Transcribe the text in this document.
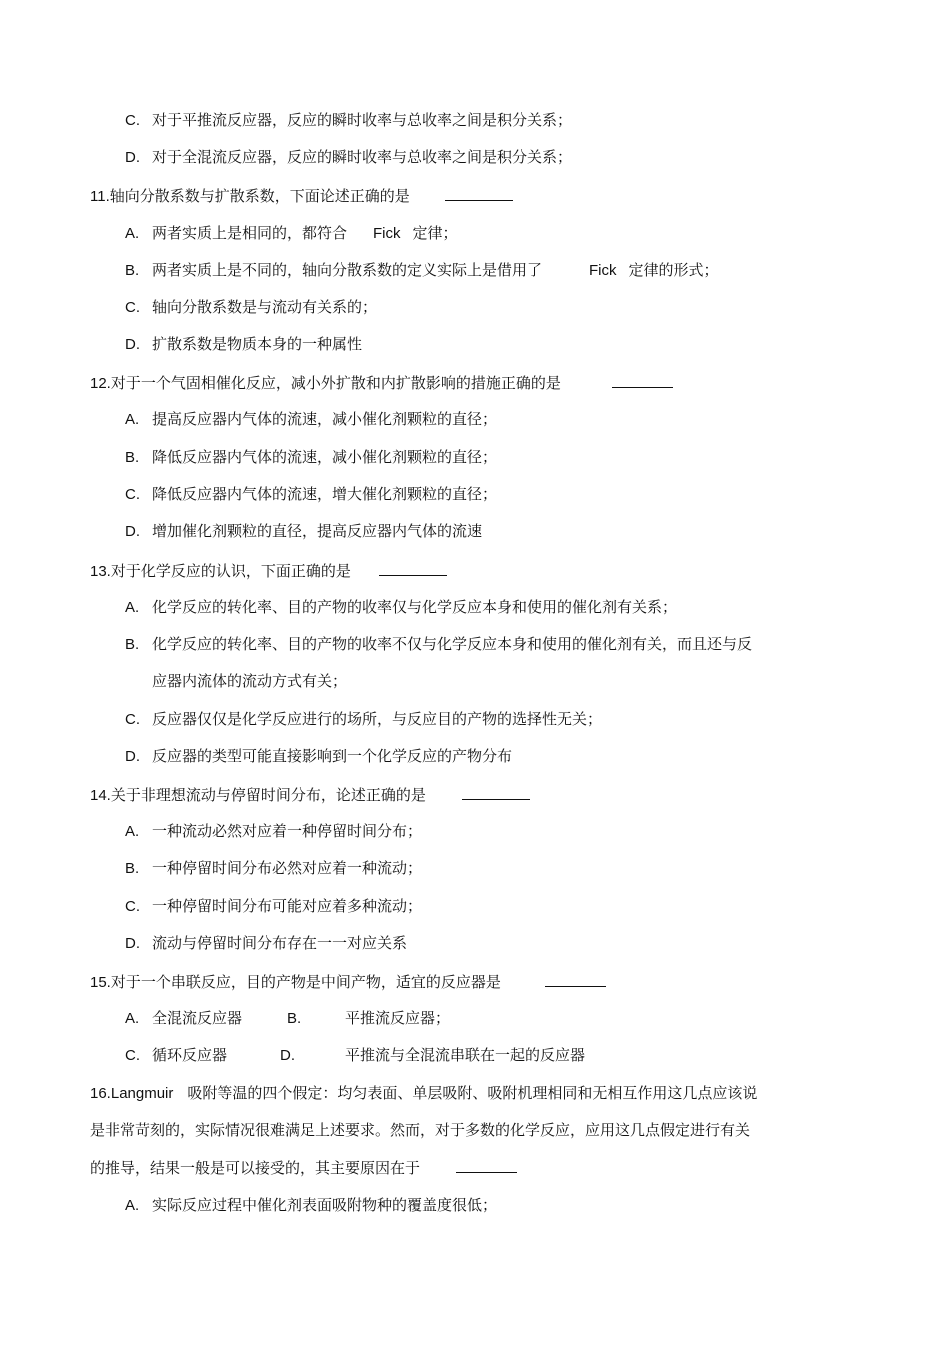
C. 对于平推流反应器，反应的瞬时收率与总收率之间是积分关系；
D. 对于全混流反应器，反应的瞬时收率与总收率之间是积分关系；
11.轴向分散系数与扩散系数，下面论述正确的是
A. 两者实质上是相同的，都符合 Fick 定律；
B. 两者实质上是不同的，轴向分散系数的定义实际上是借用了	Fick 定律的形式；
C. 轴向分散系数是与流动有关系的；
D. 扩散系数是物质本身的一种属性
12.对于一个气固相催化反应，减小外扩散和内扩散影响的措施正确的是
A. 提高反应器内气体的流速，减小催化剂颗粒的直径；
B. 降低反应器内气体的流速，减小催化剂颗粒的直径；
C. 降低反应器内气体的流速，增大催化剂颗粒的直径；
D. 增加催化剂颗粒的直径，提高反应器内气体的流速
13.对于化学反应的认识，下面正确的是
A. 化学反应的转化率、目的产物的收率仅与化学反应本身和使用的催化剂有关系；
B. 化学反应的转化率、目的产物的收率不仅与化学反应本身和使用的催化剂有关，而且还与反
应器内流体的流动方式有关；
C. 反应器仅仅是化学反应进行的场所，与反应目的产物的选择性无关；
D. 反应器的类型可能直接影响到一个化学反应的产物分布
14.关于非理想流动与停留时间分布，论述正确的是
A. 一种流动必然对应着一种停留时间分布；
B. 一种停留时间分布必然对应着一种流动；
C. 一种停留时间分布可能对应着多种流动；
D. 流动与停留时间分布存在一一对应关系
15.对于一个串联反应，目的产物是中间产物，适宜的反应器是
A. 全混流反应器	B.	平推流反应器；
C. 循环反应器	D.	平推流与全混流串联在一起的反应器
16.Langmuir 吸附等温的四个假定：均匀表面、单层吸附、吸附机理相同和无相互作用这几点应该说
是非常苛刻的，实际情况很难满足上述要求。然而，对于多数的化学反应，应用这几点假定进行有关
的推导，结果一般是可以接受的，其主要原因在于
A. 实际反应过程中催化剂表面吸附物种的覆盖度很低；
